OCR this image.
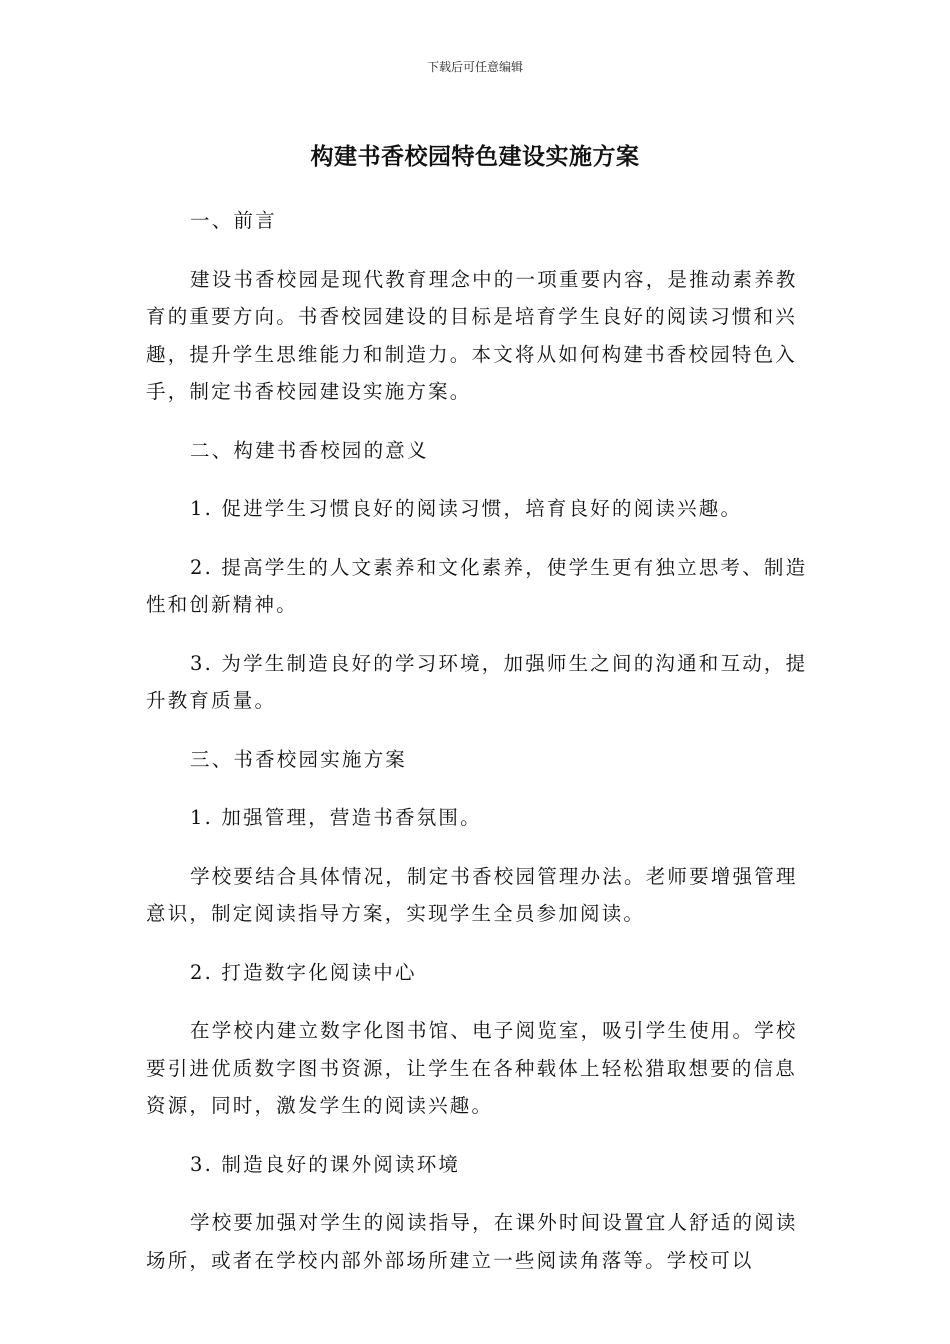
下载后可任意编辑
构建书香校园特色建设实施方案

一、前言

建设书香校园是现代教育理念中的一项重要内容，是推动素养教育的重要方向。书香校园建设的目标是培育学生良好的阅读习惯和兴趣，提升学生思维能力和制造力。本文将从如何构建书香校园特色入手，制定书香校园建设实施方案。

二、构建书香校园的意义

1. 促进学生习惯良好的阅读习惯，培育良好的阅读兴趣。

2. 提高学生的人文素养和文化素养，使学生更有独立思考、制造性和创新精神。

3. 为学生制造良好的学习环境，加强师生之间的沟通和互动，提升教育质量。

三、书香校园实施方案

1. 加强管理，营造书香氛围。

学校要结合具体情况，制定书香校园管理办法。老师要增强管理意识，制定阅读指导方案，实现学生全员参加阅读。

2. 打造数字化阅读中心

在学校内建立数字化图书馆、电子阅览室，吸引学生使用。学校要引进优质数字图书资源，让学生在各种载体上轻松猎取想要的信息资源，同时，激发学生的阅读兴趣。

3. 制造良好的课外阅读环境

学校要加强对学生的阅读指导，在课外时间设置宜人舒适的阅读场所，或者在学校内部外部场所建立一些阅读角落等。学校可以
